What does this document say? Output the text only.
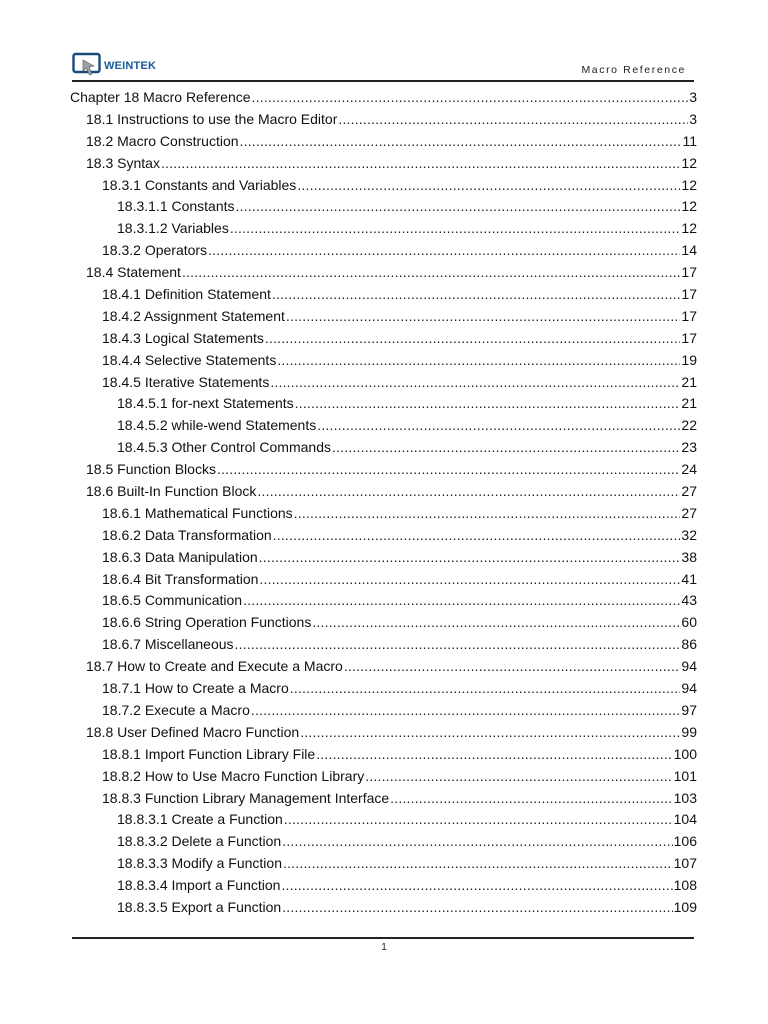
WEINTEK	Macro Reference
Chapter 18 Macro Reference .....	3
18.1 Instructions to use the Macro Editor .....	3
18.2 Macro Construction .....	11
18.3 Syntax .....	12
18.3.1 Constants and Variables .....	12
18.3.1.1 Constants .....	12
18.3.1.2 Variables .....	12
18.3.2 Operators .....	14
18.4 Statement .....	17
18.4.1 Definition Statement .....	17
18.4.2 Assignment Statement .....	17
18.4.3 Logical Statements .....	17
18.4.4 Selective Statements .....	19
18.4.5 Iterative Statements .....	21
18.4.5.1 for-next Statements .....	21
18.4.5.2 while-wend Statements .....	22
18.4.5.3 Other Control Commands .....	23
18.5 Function Blocks .....	24
18.6 Built-In Function Block .....	27
18.6.1 Mathematical Functions .....	27
18.6.2 Data Transformation .....	32
18.6.3 Data Manipulation .....	38
18.6.4 Bit Transformation .....	41
18.6.5 Communication .....	43
18.6.6 String Operation Functions .....	60
18.6.7 Miscellaneous .....	86
18.7 How to Create and Execute a Macro .....	94
18.7.1 How to Create a Macro .....	94
18.7.2 Execute a Macro .....	97
18.8 User Defined Macro Function .....	99
18.8.1 Import Function Library File .....	100
18.8.2 How to Use Macro Function Library .....	101
18.8.3 Function Library Management Interface .....	103
18.8.3.1 Create a Function .....	104
18.8.3.2 Delete a Function .....	106
18.8.3.3 Modify a Function .....	107
18.8.3.4 Import a Function .....	108
18.8.3.5 Export a Function .....	109
1
